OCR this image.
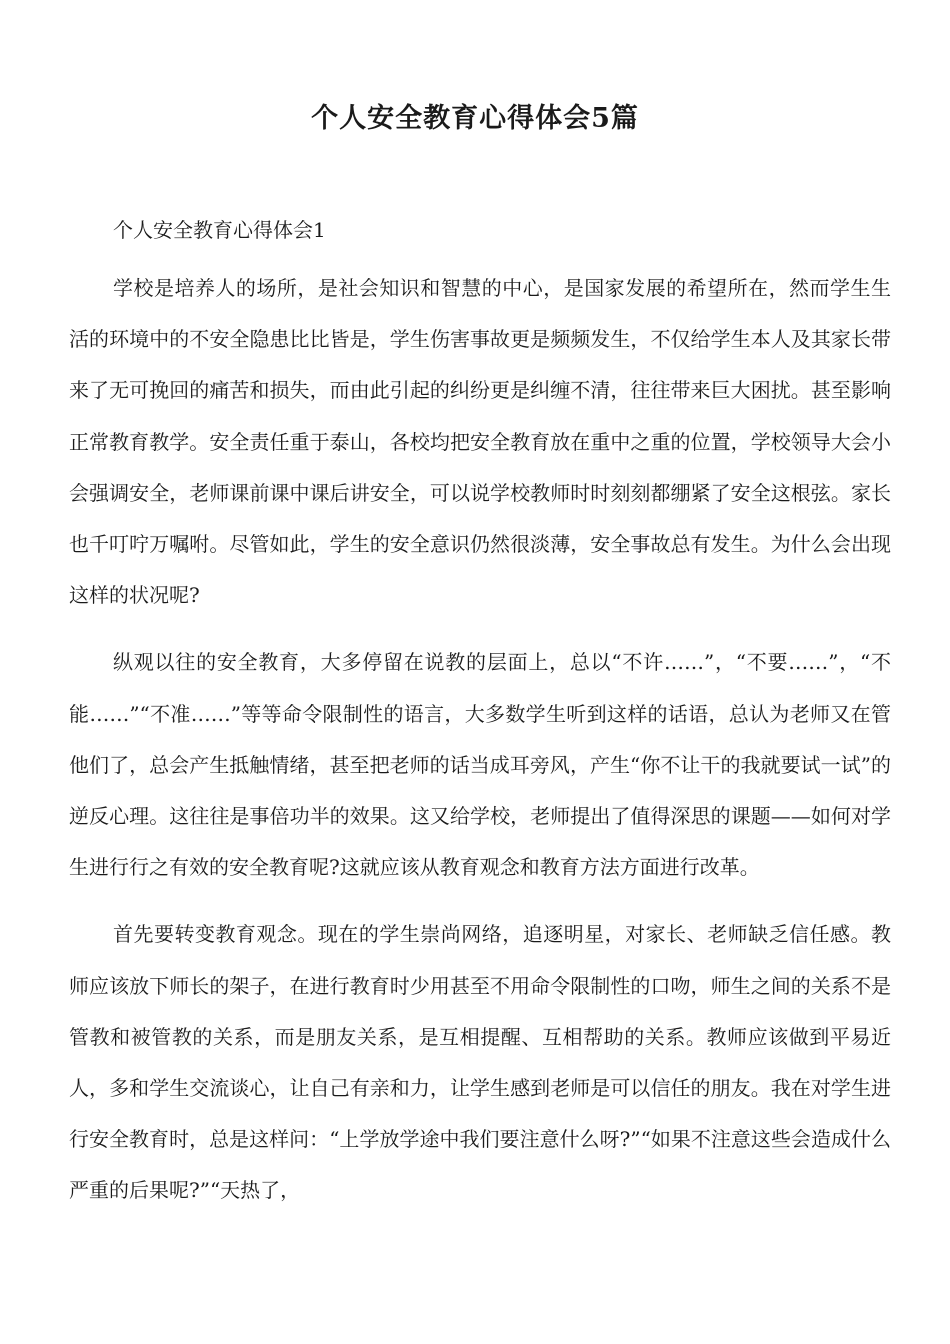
个人安全教育心得体会5篇

个人安全教育心得体会1

学校是培养人的场所，是社会知识和智慧的中心，是国家发展的希望所在，然而学生生活的环境中的不安全隐患比比皆是，学生伤害事故更是频频发生，不仅给学生本人及其家长带来了无可挽回的痛苦和损失，而由此引起的纠纷更是纠缠不清，往往带来巨大困扰。甚至影响正常教育教学。安全责任重于泰山，各校均把安全教育放在重中之重的位置，学校领导大会小会强调安全，老师课前课中课后讲安全，可以说学校教师时时刻刻都绷紧了安全这根弦。家长也千叮咛万嘱咐。尽管如此，学生的安全意识仍然很淡薄，安全事故总有发生。为什么会出现这样的状况呢?

纵观以往的安全教育，大多停留在说教的层面上，总以“不许……”，“不要……”，“不能……”“不准……”等等命令限制性的语言，大多数学生听到这样的话语，总认为老师又在管他们了，总会产生抵触情绪，甚至把老师的话当成耳旁风，产生“你不让干的我就要试一试”的逆反心理。这往往是事倍功半的效果。这又给学校，老师提出了值得深思的课题——如何对学生进行行之有效的安全教育呢?这就应该从教育观念和教育方法方面进行改革。

首先要转变教育观念。现在的学生崇尚网络，追逐明星，对家长、老师缺乏信任感。教师应该放下师长的架子，在进行教育时少用甚至不用命令限制性的口吻，师生之间的关系不是管教和被管教的关系，而是朋友关系，是互相提醒、互相帮助的关系。教师应该做到平易近人，多和学生交流谈心，让自己有亲和力，让学生感到老师是可以信任的朋友。我在对学生进行安全教育时，总是这样问：“上学放学途中我们要注意什么呀?”“如果不注意这些会造成什么严重的后果呢?”“天热了，
